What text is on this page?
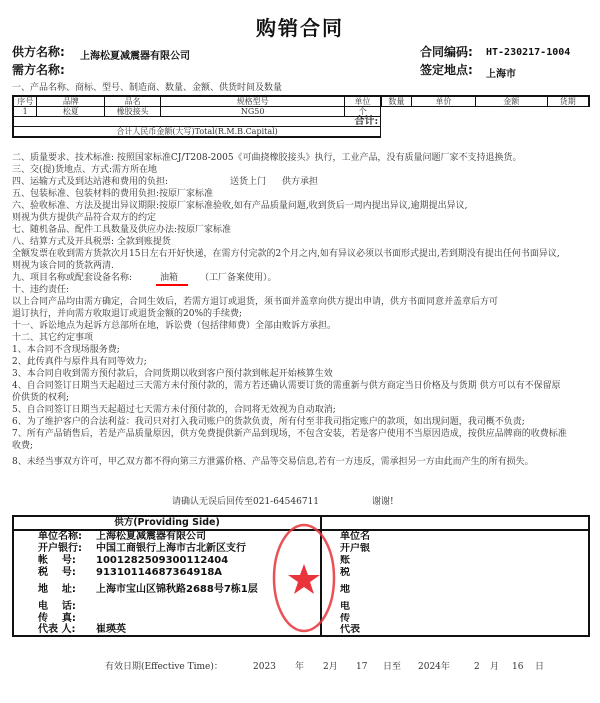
购销合同
供方名称: 上海松夏减震器有限公司
需方名称:
合同编码: HT-230217-1004
签定地点: 上海市
一、产品名称、商标、型号、制造商、数量、金额、供货时间及数量
序号	品牌	品名	规格型号	单位	数量	单价	金额	货期
1	松夏	橡胶接头	NG50	个				
合计:								
合计人民币金额(大写)Total(R.M.B.Capital)								
二、质量要求、技术标准: 按照国家标准CJ/T208-2005《可曲挠橡胶接头》执行，工业产品，没有质量问题厂家不支持退换货。
三、交(提)货地点、方式:需方所在地
四、运输方式及到达站港和费用的负担:
五、包装标准、包装材料的费用负担:按原厂家标准
六、验收标准、方法及提出异议期限:按原厂家标准验收,如有产品质量问题,收到货后一周内提出异议,逾期提出异议,
则视为供方提供产品符合双方的约定
七、随机备品、配件工具数量及供应办法:按原厂家标准
八、结算方式及开具税票: 全款到账提货
全额发票在收到需方货款次月15日左右开好快递，在需方付完款的2个月之内,如有异议必须以书面形式提出,若到期没有提出任何书面异议,
则视为该合同的货款两清.
九、项目名称或配套设备名称:
十、违约责任:
以上合同产品均由需方确定，合同生效后，若需方退订或退货，须书面并盖章向供方提出申请，供方书面同意并盖章后方可
退订执行，并向需方收取退订或退货金额的20%的手续费;
十一、诉讼地点为起诉方总部所在地，诉讼费（包括律师费）全部由败诉方承担。
十二、其它约定事项
1、本合同不含现场服务费;
2、此传真件与原件具有同等效力;
3、本合同自收到需方预付款后，合同货期以收到客户预付款到帐起开始核算生效
4、自合同签订日期当天起超过三天需方未付预付款的，需方若还确认需要订货的需重新与供方商定当日价格及与货期 供方可以有不保留原
价供货的权利;
5、自合同签订日期当天起超过七天需方未付预付款的，合同将无效视为自动取消;
6、为了维护客户的合法利益：我司只对打入我司账户的货款负责，所有付至非我司指定账户的款项，如出现问题，我司概不负责;
7、所有产品销售后，若是产品质量原因，供方免费提供新产品到现场，不包含安装，若是客户使用不当原因造成，按供应品牌商的收费标准
收费;
8、未经当事双方许可，甲乙双方都不得向第三方泄露价格、产品等交易信息,若有一方违反，需承担另一方由此而产生的所有损失。
送货上门 供方承担
油箱 （工厂备案使用）。
请确认无误后回传至021-64546711	谢谢!
供方(Providing Side)
单位名称: 上海松夏减震器有限公司	单位名
开户银行: 中国工商银行上海市古北新区支行	开户银
帐    号: 1001282509300112404	账
税    号: 91310114687364918A	税
地    址: 上海市宝山区锦秋路2688号7栋1层	地
电    话:	电
传    真:	传
代表 人: 崔瑛英	代表
有效日期(Effective Time)：	2023 年 2月 17 日至 2024年	2 月 16 日
